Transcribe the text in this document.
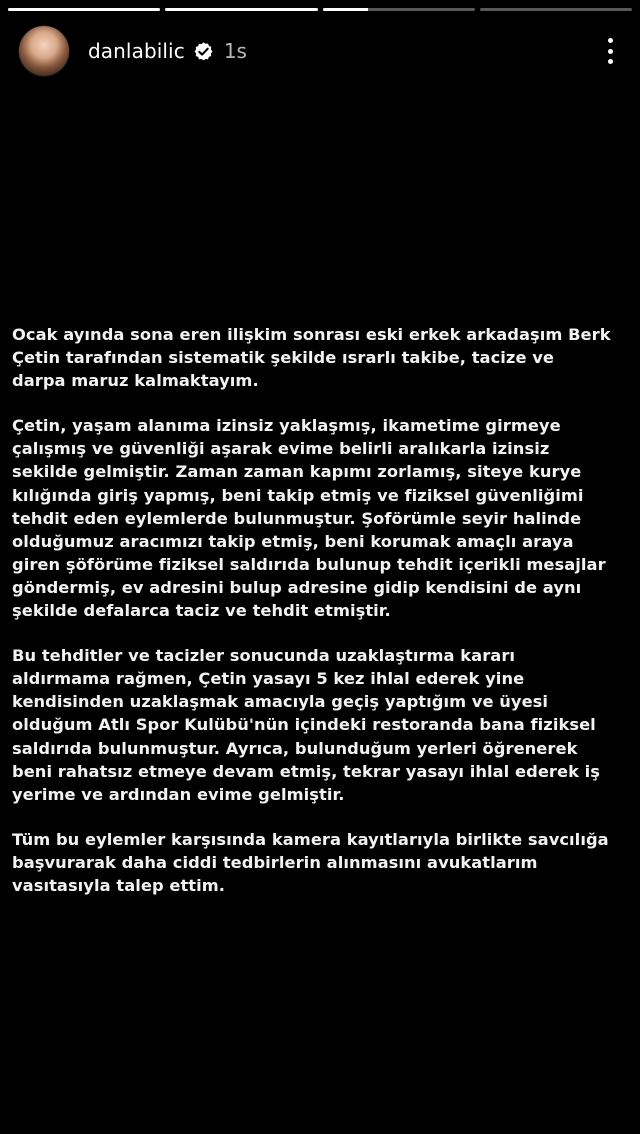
danlabilic 1s

Ocak ayında sona eren ilişkim sonrası eski erkek arkadaşım Berk
Çetin tarafından sistematik şekilde ısrarlı takibe, tacize ve
darpa maruz kalmaktayım.

Çetin, yaşam alanıma izinsiz yaklaşmış, ikametime girmeye
çalışmış ve güvenliği aşarak evime belirli aralıkarla izinsiz
sekilde gelmiştir. Zaman zaman kapımı zorlamış, siteye kurye
kılığında giriş yapmış, beni takip etmiş ve fiziksel güvenliğimi
tehdit eden eylemlerde bulunmuştur. Şoförümle seyir halinde
olduğumuz aracımızı takip etmiş, beni korumak amaçlı araya
giren şöförüme fiziksel saldırıda bulunup tehdit içerikli mesajlar
göndermiş, ev adresini bulup adresine gidip kendisini de aynı
şekilde defalarca taciz ve tehdit etmiştir.

Bu tehditler ve tacizler sonucunda uzaklaştırma kararı
aldırmama rağmen, Çetin yasayı 5 kez ihlal ederek yine
kendisinden uzaklaşmak amacıyla geçiş yaptığım ve üyesi
olduğum Atlı Spor Kulübü'nün içindeki restoranda bana fiziksel
saldırıda bulunmuştur. Ayrıca, bulunduğum yerleri öğrenerek
beni rahatsız etmeye devam etmiş, tekrar yasayı ihlal ederek iş
yerime ve ardından evime gelmiştir.

Tüm bu eylemler karşısında kamera kayıtlarıyla birlikte savcılığa
başvurarak daha ciddi tedbirlerin alınmasını avukatlarım
vasıtasıyla talep ettim.
